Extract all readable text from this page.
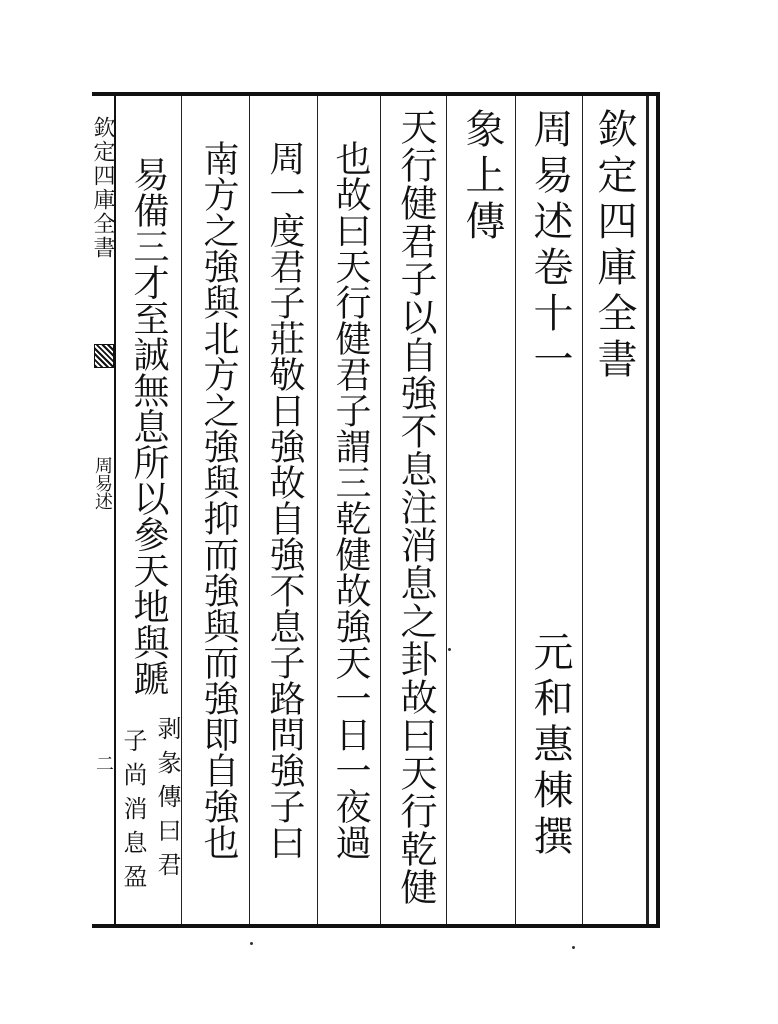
欽定四庫全書
周易述
二
欽定四庫全書
周易述卷十一
元和惠棟撰
象上傳
天行健君子以自強不息注消息之卦故曰天行乾健
也故曰天行健君子謂三乾健故強天一日一夜過
周一度君子莊敬日強故自強不息子路問強子曰
南方之強與北方之強與抑而強與而強即自強也
易備三才至誠無息所以參天地與蹏
剥彖傳曰君
子尚消息盈
